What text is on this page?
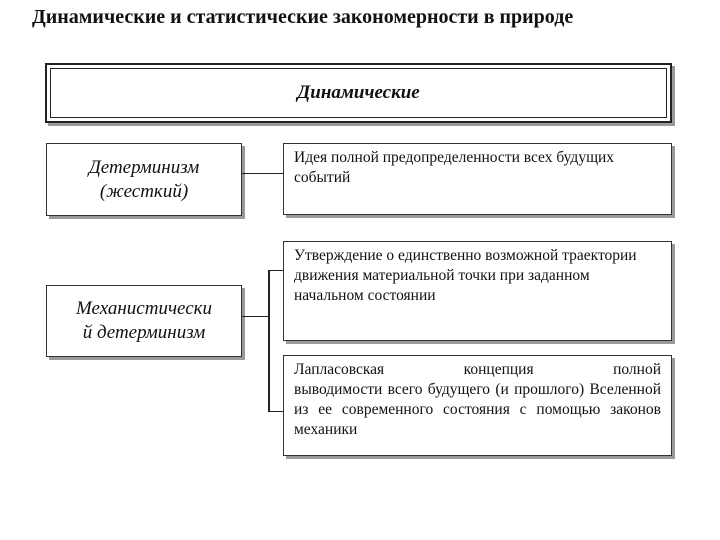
Динамические и статистические закономерности в природе
Динамические
Детерминизм
(жесткий)
Идея полной предопределенности всех будущих событий
Механистически
й детерминизм
Утверждение о единственно возможной траектории движения материальной точки при заданном начальном состоянии
Лапласовская концепция полной
выводимости всего будущего (и прошлого) Вселенной из ее современного состояния с помощью законов механики
